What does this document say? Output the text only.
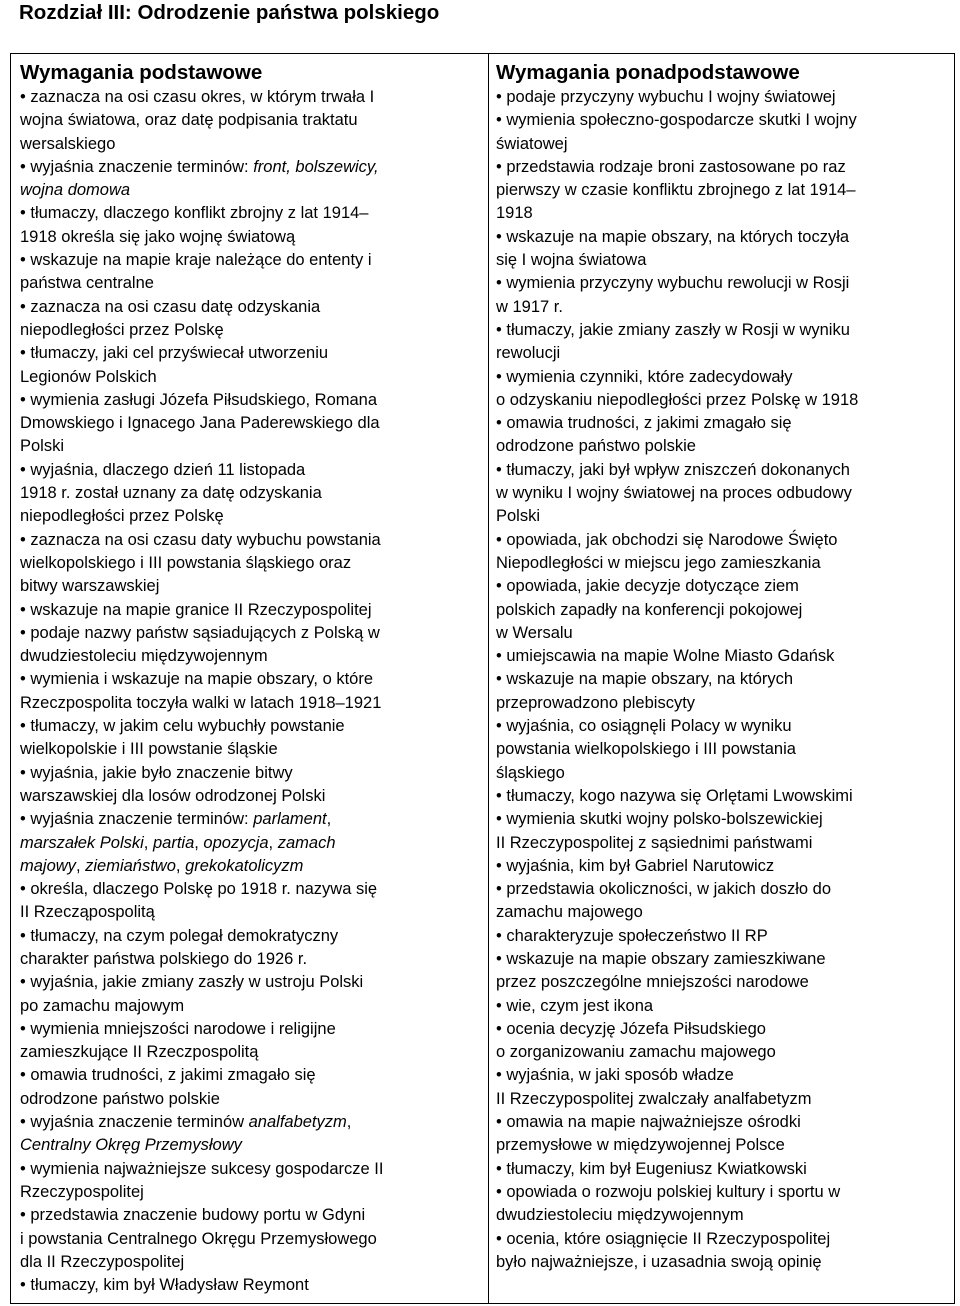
Rozdział III: Odrodzenie państwa polskiego
Wymagania podstawowe
• zaznacza na osi czasu okres, w którym trwała I
wojna światowa, oraz datę podpisania traktatu
wersalskiego
• wyjaśnia znaczenie terminów: front, bolszewicy,
wojna domowa
• tłumaczy, dlaczego konflikt zbrojny z lat 1914–
1918 określa się jako wojnę światową
• wskazuje na mapie kraje należące do ententy i
państwa centralne
• zaznacza na osi czasu datę odzyskania
niepodległości przez Polskę
• tłumaczy, jaki cel przyświecał utworzeniu
Legionów Polskich
• wymienia zasługi Józefa Piłsudskiego, Romana
Dmowskiego i Ignacego Jana Paderewskiego dla
Polski
• wyjaśnia, dlaczego dzień 11 listopada
1918 r. został uznany za datę odzyskania
niepodległości przez Polskę
• zaznacza na osi czasu daty wybuchu powstania
wielkopolskiego i III powstania śląskiego oraz
bitwy warszawskiej
• wskazuje na mapie granice II Rzeczypospolitej
• podaje nazwy państw sąsiadujących z Polską w
dwudziestoleciu międzywojennym
• wymienia i wskazuje na mapie obszary, o które
Rzeczpospolita toczyła walki w latach 1918–1921
• tłumaczy, w jakim celu wybuchły powstanie
wielkopolskie i III powstanie śląskie
• wyjaśnia, jakie było znaczenie bitwy
warszawskiej dla losów odrodzonej Polski
• wyjaśnia znaczenie terminów: parlament,
marszałek Polski, partia, opozycja, zamach
majowy, ziemiaństwo, grekokatolicyzm
• określa, dlaczego Polskę po 1918 r. nazywa się
II Rzecząpospolitą
• tłumaczy, na czym polegał demokratyczny
charakter państwa polskiego do 1926 r.
• wyjaśnia, jakie zmiany zaszły w ustroju Polski
po zamachu majowym
• wymienia mniejszości narodowe i religijne
zamieszkujące II Rzeczpospolitą
• omawia trudności, z jakimi zmagało się
odrodzone państwo polskie
• wyjaśnia znaczenie terminów analfabetyzm,
Centralny Okręg Przemysłowy
• wymienia najważniejsze sukcesy gospodarcze II
Rzeczypospolitej
• przedstawia znaczenie budowy portu w Gdyni
i powstania Centralnego Okręgu Przemysłowego
dla II Rzeczypospolitej
• tłumaczy, kim był Władysław Reymont
Wymagania ponadpodstawowe
• podaje przyczyny wybuchu I wojny światowej
• wymienia społeczno-gospodarcze skutki I wojny
światowej
• przedstawia rodzaje broni zastosowane po raz
pierwszy w czasie konfliktu zbrojnego z lat 1914–
1918
• wskazuje na mapie obszary, na których toczyła
się I wojna światowa
• wymienia przyczyny wybuchu rewolucji w Rosji
w 1917 r.
• tłumaczy, jakie zmiany zaszły w Rosji w wyniku
rewolucji
• wymienia czynniki, które zadecydowały
o odzyskaniu niepodległości przez Polskę w 1918
• omawia trudności, z jakimi zmagało się
odrodzone państwo polskie
• tłumaczy, jaki był wpływ zniszczeń dokonanych
w wyniku I wojny światowej na proces odbudowy
Polski
• opowiada, jak obchodzi się Narodowe Święto
Niepodległości w miejscu jego zamieszkania
• opowiada, jakie decyzje dotyczące ziem
polskich zapadły na konferencji pokojowej
w Wersalu
• umiejscawia na mapie Wolne Miasto Gdańsk
• wskazuje na mapie obszary, na których
przeprowadzono plebiscyty
• wyjaśnia, co osiągnęli Polacy w wyniku
powstania wielkopolskiego i III powstania
śląskiego
• tłumaczy, kogo nazywa się Orlętami Lwowskimi
• wymienia skutki wojny polsko-bolszewickiej
II Rzeczypospolitej z sąsiednimi państwami
• wyjaśnia, kim był Gabriel Narutowicz
• przedstawia okoliczności, w jakich doszło do
zamachu majowego
• charakteryzuje społeczeństwo II RP
• wskazuje na mapie obszary zamieszkiwane
przez poszczególne mniejszości narodowe
• wie, czym jest ikona
• ocenia decyzję Józefa Piłsudskiego
o zorganizowaniu zamachu majowego
• wyjaśnia, w jaki sposób władze
II Rzeczypospolitej zwalczały analfabetyzm
• omawia na mapie najważniejsze ośrodki
przemysłowe w międzywojennej Polsce
• tłumaczy, kim był Eugeniusz Kwiatkowski
• opowiada o rozwoju polskiej kultury i sportu w
dwudziestoleciu międzywojennym
• ocenia, które osiągnięcie II Rzeczypospolitej
było najważniejsze, i uzasadnia swoją opinię
